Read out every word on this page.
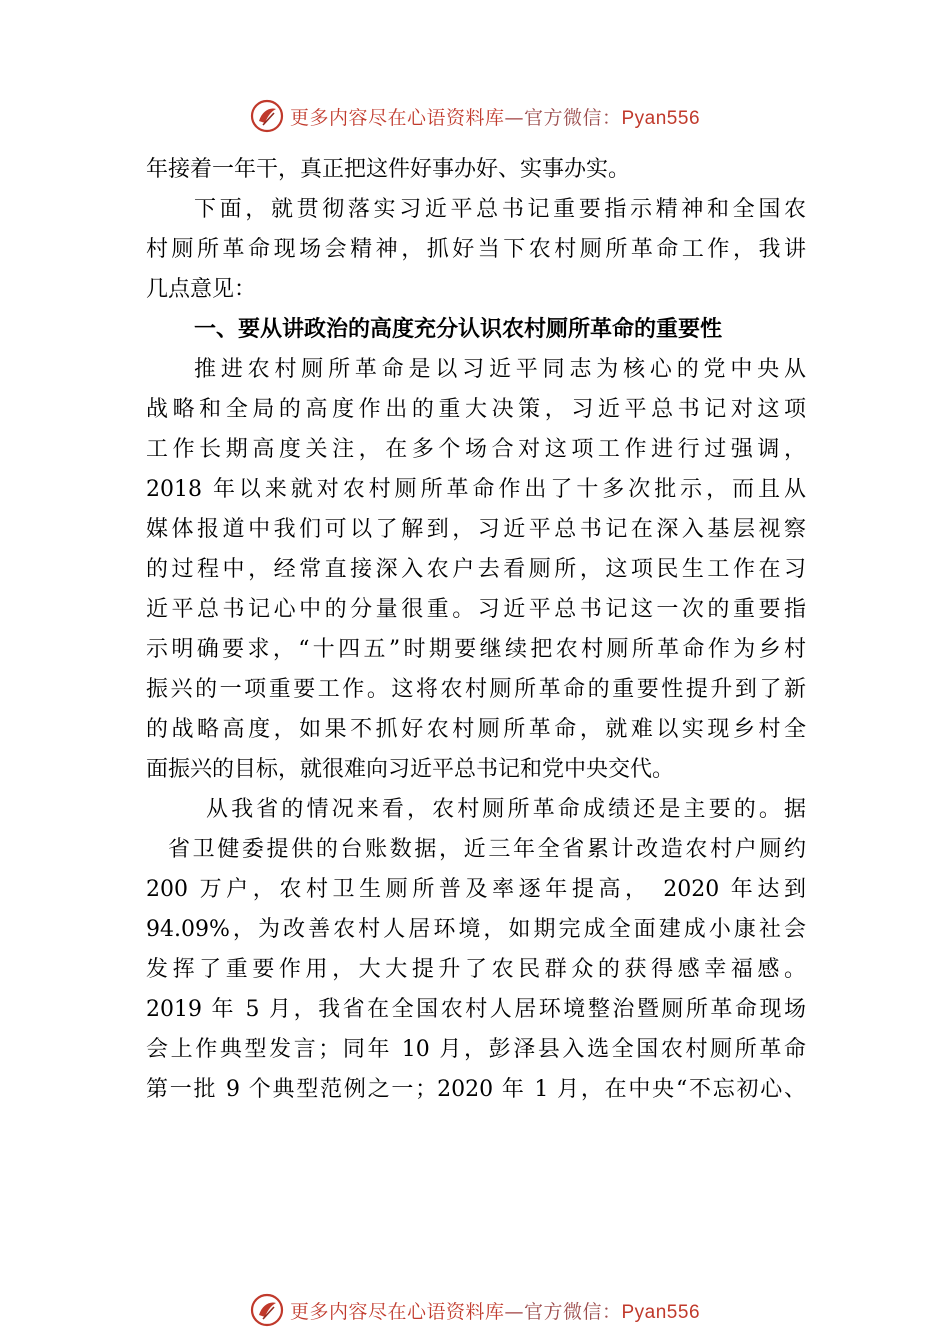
更多内容尽在心语资料库—官方微信：Pyan556
年接着一年干，真正把这件好事办好、实事办实。
下面，就贯彻落实习近平总书记重要指示精神和全国农
村厕所革命现场会精神，抓好当下农村厕所革命工作，我讲
几点意见：
一、要从讲政治的高度充分认识农村厕所革命的重要性
推进农村厕所革命是以习近平同志为核心的党中央从
战略和全局的高度作出的重大决策，习近平总书记对这项
工作长期高度关注，在多个场合对这项工作进行过强调，
2018 年以来就对农村厕所革命作出了十多次批示，而且从
媒体报道中我们可以了解到，习近平总书记在深入基层视察
的过程中，经常直接深入农户去看厕所，这项民生工作在习
近平总书记心中的分量很重。习近平总书记这一次的重要指
示明确要求，“十四五”时期要继续把农村厕所革命作为乡村
振兴的一项重要工作。这将农村厕所革命的重要性提升到了新
的战略高度，如果不抓好农村厕所革命，就难以实现乡村全
面振兴的目标，就很难向习近平总书记和党中央交代。
从我省的情况来看，农村厕所革命成绩还是主要的。据
省卫健委提供的台账数据，近三年全省累计改造农村户厕约
200 万户，农村卫生厕所普及率逐年提高， 2020 年达到
94.09%，为改善农村人居环境，如期完成全面建成小康社会
发挥了重要作用，大大提升了农民群众的获得感幸福感。
2019 年 5 月，我省在全国农村人居环境整治暨厕所革命现场
会上作典型发言；同年 10 月，彭泽县入选全国农村厕所革命
第一批 9 个典型范例之一；2020 年 1 月，在中央“不忘初心、
更多内容尽在心语资料库—官方微信：Pyan556
